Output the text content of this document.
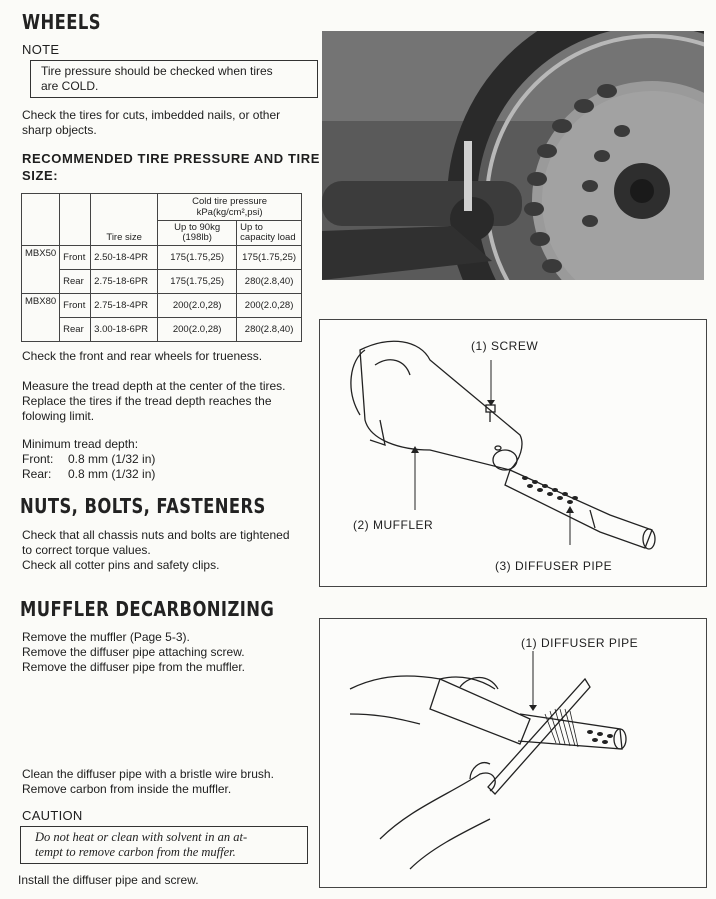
WHEELS
NOTE
Tire pressure should be checked when tires
are COLD.
Check the tires for cuts, imbedded nails, or other
sharp objects.
RECOMMENDED TIRE PRESSURE AND TIRE
SIZE:
		Tire size	Cold tire pressure kPa(kg/cm²,psi)	
			Up to 90kg (198lb)	Up to capacity load
MBX50	Front	2.50-18-4PR	175(1.75,25)	175(1.75,25)
	Rear	2.75-18-6PR	175(1.75,25)	280(2.8,40)
MBX80	Front	2.75-18-4PR	200(2.0,28)	200(2.0,28)
	Rear	3.00-18-6PR	200(2.0,28)	280(2.8,40)
Check the front and rear wheels for trueness.
Measure the tread depth at the center of the tires.
Replace the tires if the tread depth reaches the
folowing limit.
Minimum tread depth:
Front: 0.8 mm (1/32 in)
Rear: 0.8 mm (1/32 in)
NUTS, BOLTS, FASTENERS
Check that all chassis nuts and bolts are tightened
to correct torque values.
Check all cotter pins and safety clips.
MUFFLER DECARBONIZING
Remove the muffler (Page 5-3).
Remove the diffuser pipe attaching screw.
Remove the diffuser pipe from the muffler.
Clean the diffuser pipe with a bristle wire brush.
Remove carbon from inside the muffler.
CAUTION
Do not heat or clean with solvent in an at-
tempt to remove carbon from the muffer.
Install the diffuser pipe and screw.
(1) SCREW
(2) MUFFLER
(3) DIFFUSER PIPE
(1) DIFFUSER PIPE
